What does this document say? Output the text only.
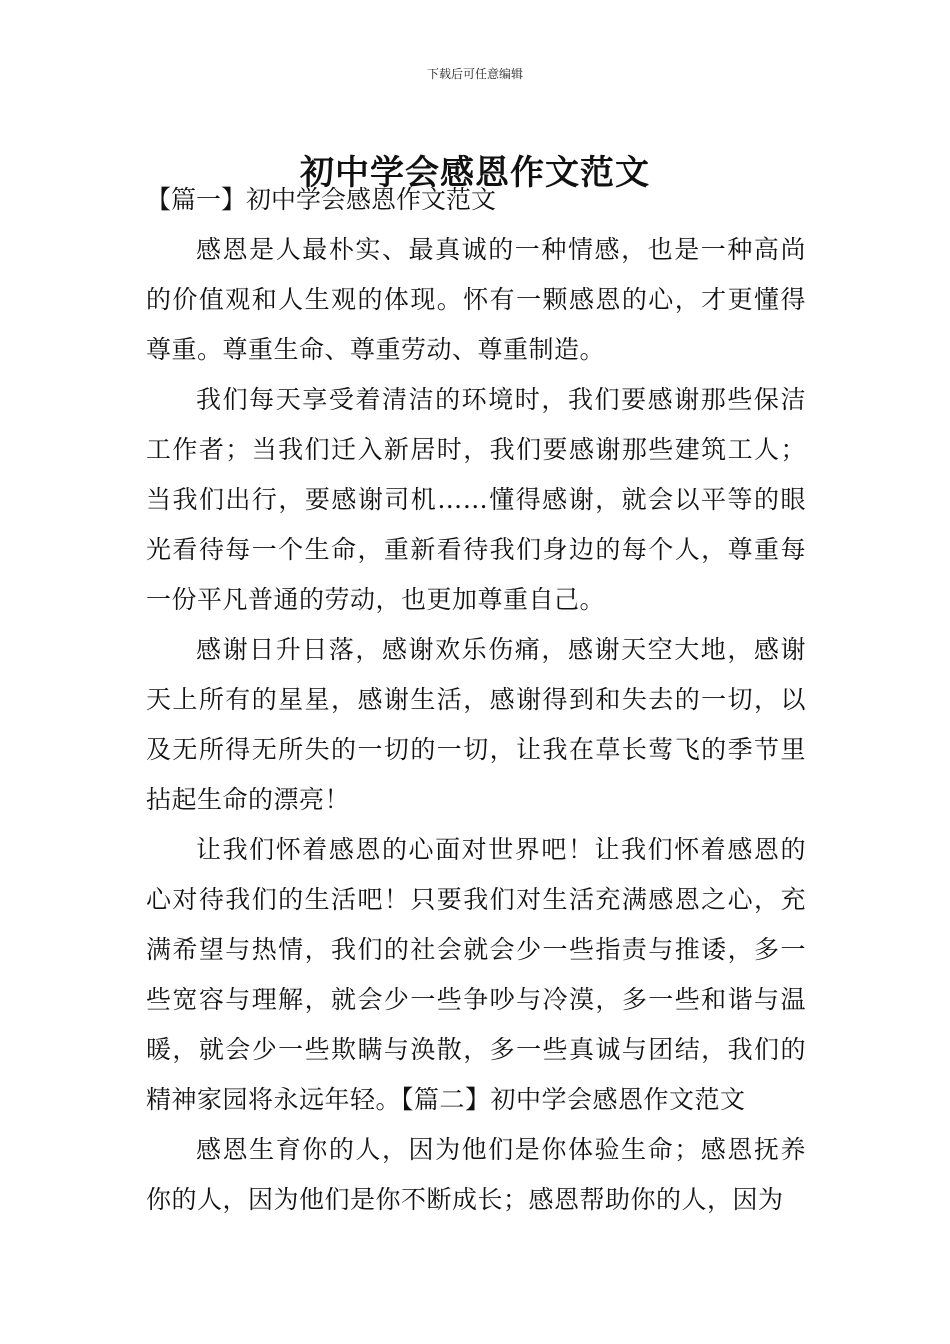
下载后可任意编辑
初中学会感恩作文范文
【篇一】初中学会感恩作文范文

感恩是人最朴实、最真诚的一种情感，也是一种高尚的价值观和人生观的体现。怀有一颗感恩的心，才更懂得尊重。尊重生命、尊重劳动、尊重制造。

我们每天享受着清洁的环境时，我们要感谢那些保洁工作者；当我们迁入新居时，我们要感谢那些建筑工人；当我们出行，要感谢司机……懂得感谢，就会以平等的眼光看待每一个生命，重新看待我们身边的每个人，尊重每一份平凡普通的劳动，也更加尊重自己。

感谢日升日落，感谢欢乐伤痛，感谢天空大地，感谢天上所有的星星，感谢生活，感谢得到和失去的一切，以及无所得无所失的一切的一切，让我在草长莺飞的季节里拈起生命的漂亮！

让我们怀着感恩的心面对世界吧！让我们怀着感恩的心对待我们的生活吧！只要我们对生活充满感恩之心，充满希望与热情，我们的社会就会少一些指责与推诿，多一些宽容与理解，就会少一些争吵与冷漠，多一些和谐与温暖，就会少一些欺瞒与涣散，多一些真诚与团结，我们的精神家园将永远年轻。【篇二】初中学会感恩作文范文

感恩生育你的人，因为他们是你体验生命；感恩抚养你的人，因为他们是你不断成长；感恩帮助你的人，因为
